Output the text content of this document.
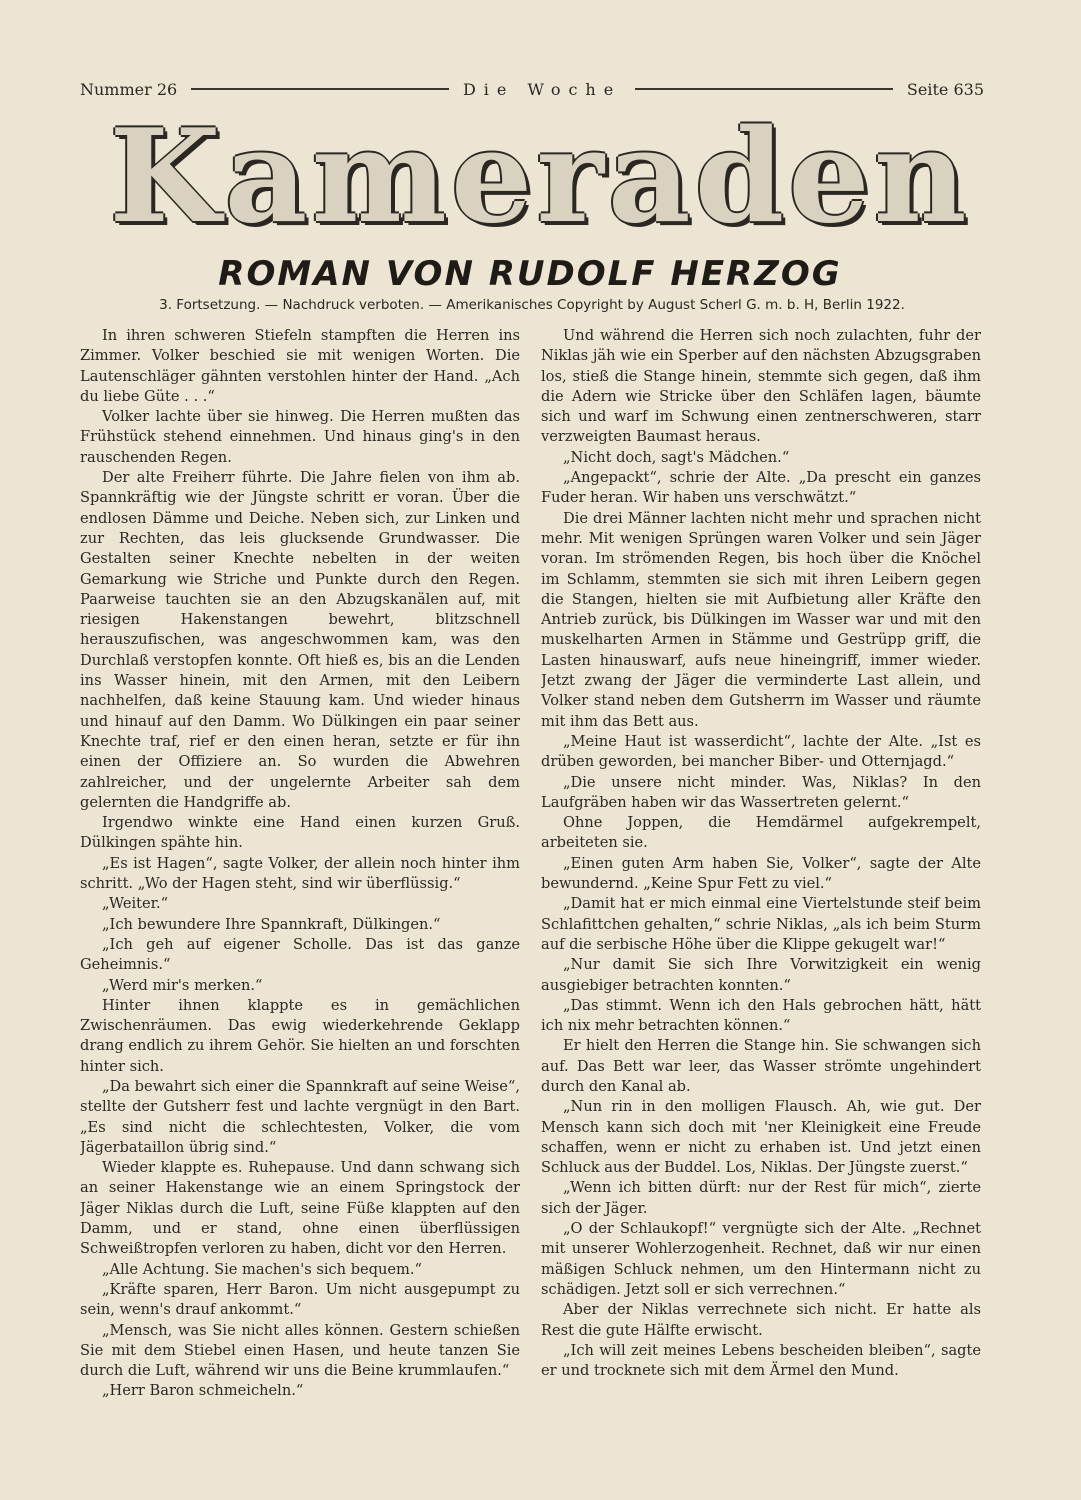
Nummer 26	Die Woche	Seite 635
Kameraden
ROMAN VON RUDOLF HERZOG
3. Fortsetzung. — Nachdruck verboten. — Amerikanisches Copyright by August Scherl G. m. b. H, Berlin 1922.

In ihren schweren Stiefeln stampften die Herren ins Zimmer. Volker beschied sie mit wenigen Worten. Die Lautenschläger gähnten verstohlen hinter der Hand. „Ach du liebe Güte . . .“

Volker lachte über sie hinweg. Die Herren mußten das Frühstück stehend einnehmen. Und hinaus ging's in den rauschenden Regen.

Der alte Freiherr führte. Die Jahre fielen von ihm ab. Spannkräftig wie der Jüngste schritt er voran. Über die endlosen Dämme und Deiche. Neben sich, zur Linken und zur Rechten, das leis glucksende Grundwasser. Die Gestalten seiner Knechte nebelten in der weiten Gemarkung wie Striche und Punkte durch den Regen. Paarweise tauchten sie an den Abzugskanälen auf, mit riesigen Hakenstangen bewehrt, blitzschnell herauszufischen, was angeschwommen kam, was den Durchlaß verstopfen konnte. Oft hieß es, bis an die Lenden ins Wasser hinein, mit den Armen, mit den Leibern nachhelfen, daß keine Stauung kam. Und wieder hinaus und hinauf auf den Damm. Wo Dülkingen ein paar seiner Knechte traf, rief er den einen heran, setzte er für ihn einen der Offiziere an. So wurden die Abwehren zahlreicher, und der ungelernte Arbeiter sah dem gelernten die Handgriffe ab.

Irgendwo winkte eine Hand einen kurzen Gruß. Dülkingen spähte hin.

„Es ist Hagen“, sagte Volker, der allein noch hinter ihm schritt. „Wo der Hagen steht, sind wir überflüssig.“

„Weiter.“

„Ich bewundere Ihre Spannkraft, Dülkingen.“

„Ich geh auf eigener Scholle. Das ist das ganze Geheimnis.“

„Werd mir's merken.“

Hinter ihnen klappte es in gemächlichen Zwischenräumen. Das ewig wiederkehrende Geklapp drang endlich zu ihrem Gehör. Sie hielten an und forschten hinter sich.

„Da bewahrt sich einer die Spannkraft auf seine Weise“, stellte der Gutsherr fest und lachte vergnügt in den Bart. „Es sind nicht die schlechtesten, Volker, die vom Jägerbataillon übrig sind.“

Wieder klappte es. Ruhepause. Und dann schwang sich an seiner Hakenstange wie an einem Springstock der Jäger Niklas durch die Luft, seine Füße klappten auf den Damm, und er stand, ohne einen überflüssigen Schweißtropfen verloren zu haben, dicht vor den Herren.

„Alle Achtung. Sie machen's sich bequem.“

„Kräfte sparen, Herr Baron. Um nicht ausgepumpt zu sein, wenn's drauf ankommt.“

„Mensch, was Sie nicht alles können. Gestern schießen Sie mit dem Stiebel einen Hasen, und heute tanzen Sie durch die Luft, während wir uns die Beine krummlaufen.“

„Herr Baron schmeicheln.“

Und während die Herren sich noch zulachten, fuhr der Niklas jäh wie ein Sperber auf den nächsten Abzugsgraben los, stieß die Stange hinein, stemmte sich gegen, daß ihm die Adern wie Stricke über den Schläfen lagen, bäumte sich und warf im Schwung einen zentnerschweren, starr verzweigten Baumast heraus.

„Nicht doch, sagt's Mädchen.“

„Angepackt“, schrie der Alte. „Da prescht ein ganzes Fuder heran. Wir haben uns verschwätzt.“

Die drei Männer lachten nicht mehr und sprachen nicht mehr. Mit wenigen Sprüngen waren Volker und sein Jäger voran. Im strömenden Regen, bis hoch über die Knöchel im Schlamm, stemmten sie sich mit ihren Leibern gegen die Stangen, hielten sie mit Aufbietung aller Kräfte den Antrieb zurück, bis Dülkingen im Wasser war und mit den muskelharten Armen in Stämme und Gestrüpp griff, die Lasten hinauswarf, aufs neue hineingriff, immer wieder. Jetzt zwang der Jäger die verminderte Last allein, und Volker stand neben dem Gutsherrn im Wasser und räumte mit ihm das Bett aus.

„Meine Haut ist wasserdicht“, lachte der Alte. „Ist es drüben geworden, bei mancher Biber- und Otternjagd.“

„Die unsere nicht minder. Was, Niklas? In den Laufgräben haben wir das Wassertreten gelernt.“

Ohne Joppen, die Hemdärmel aufgekrempelt, arbeiteten sie.

„Einen guten Arm haben Sie, Volker“, sagte der Alte bewundernd. „Keine Spur Fett zu viel.“

„Damit hat er mich einmal eine Viertelstunde steif beim Schlafittchen gehalten,“ schrie Niklas, „als ich beim Sturm auf die serbische Höhe über die Klippe gekugelt war!“

„Nur damit Sie sich Ihre Vorwitzigkeit ein wenig ausgiebiger betrachten konnten.“

„Das stimmt. Wenn ich den Hals gebrochen hätt, hätt ich nix mehr betrachten können.“

Er hielt den Herren die Stange hin. Sie schwangen sich auf. Das Bett war leer, das Wasser strömte ungehindert durch den Kanal ab.

„Nun rin in den molligen Flausch. Ah, wie gut. Der Mensch kann sich doch mit 'ner Kleinigkeit eine Freude schaffen, wenn er nicht zu erhaben ist. Und jetzt einen Schluck aus der Buddel. Los, Niklas. Der Jüngste zuerst.“

„Wenn ich bitten dürft: nur der Rest für mich“, zierte sich der Jäger.

„O der Schlaukopf!“ vergnügte sich der Alte. „Rechnet mit unserer Wohlerzogenheit. Rechnet, daß wir nur einen mäßigen Schluck nehmen, um den Hintermann nicht zu schädigen. Jetzt soll er sich verrechnen.“

Aber der Niklas verrechnete sich nicht. Er hatte als Rest die gute Hälfte erwischt.

„Ich will zeit meines Lebens bescheiden bleiben“, sagte er und trocknete sich mit dem Ärmel den Mund.
